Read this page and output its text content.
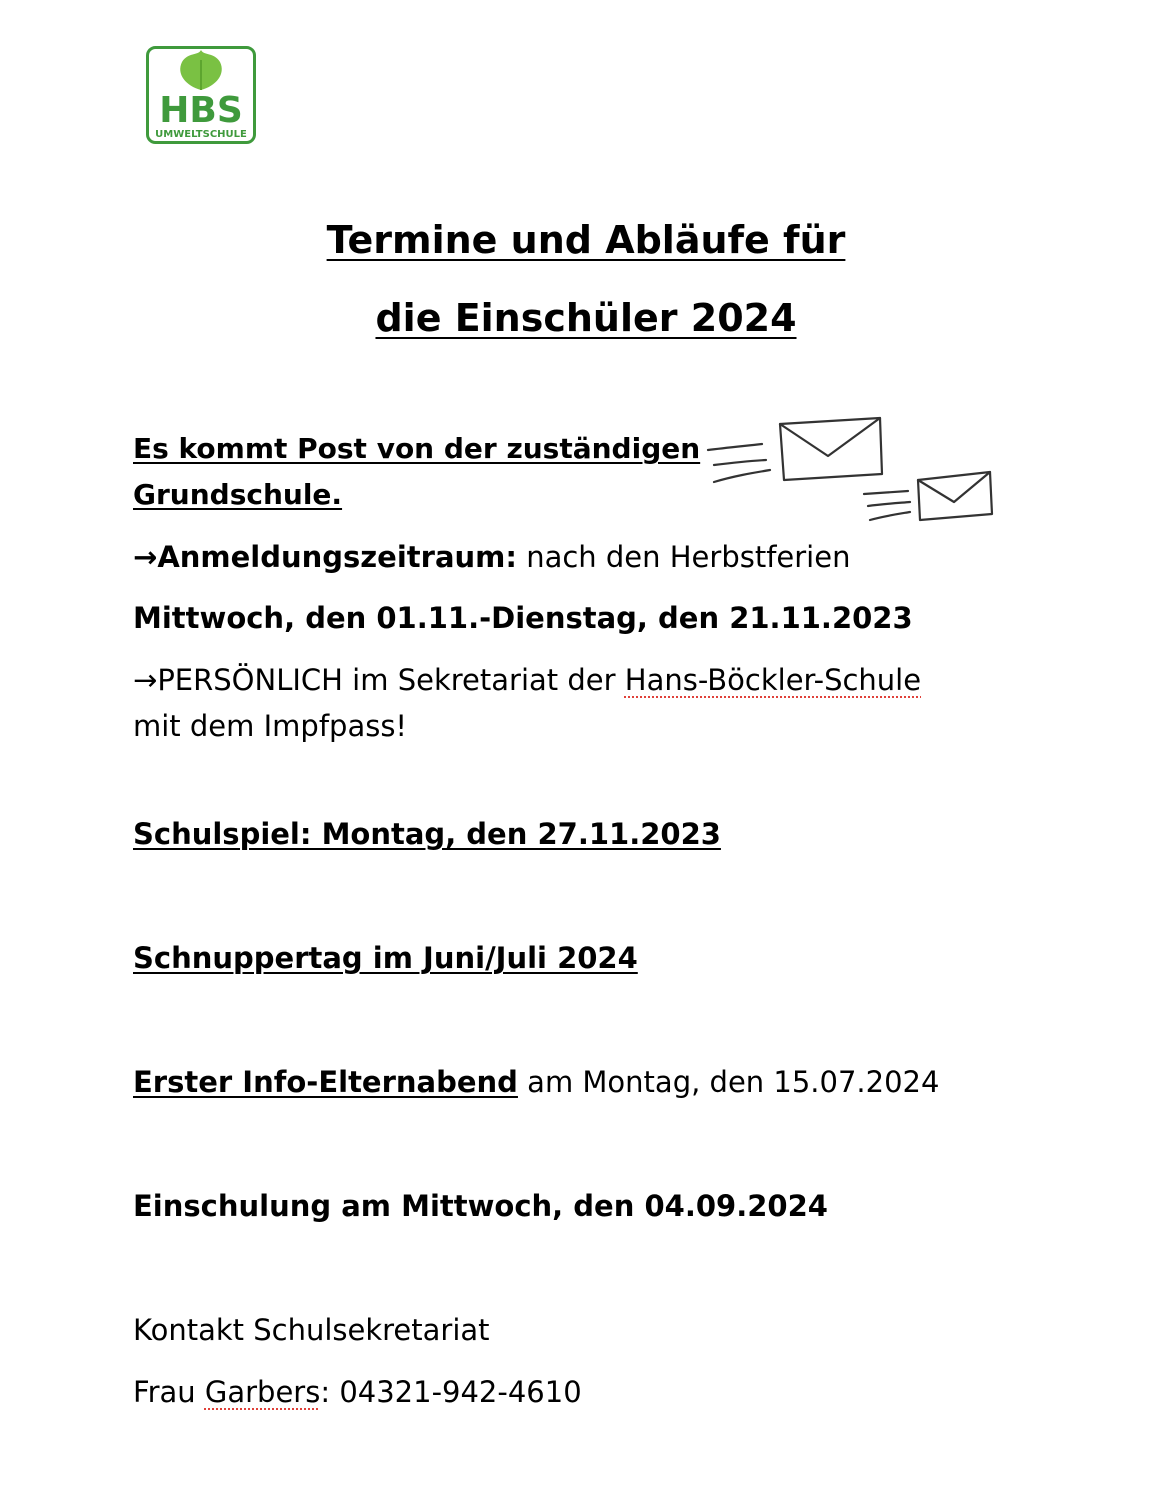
HBS
UMWELTSCHULE
Termine und Abläufe für
die Einschüler 2024
Es kommt Post von der zuständigen
Grundschule.
→Anmeldungszeitraum: nach den Herbstferien
Mittwoch, den 01.11.-Dienstag, den 21.11.2023
→PERSÖNLICH im Sekretariat der Hans-Böckler-Schule
mit dem Impfpass!
Schulspiel: Montag, den 27.11.2023
Schnuppertag im Juni/Juli 2024
Erster Info-Elternabend am Montag, den 15.07.2024
Einschulung am Mittwoch, den 04.09.2024
Kontakt Schulsekretariat
Frau Garbers: 04321-942-4610
